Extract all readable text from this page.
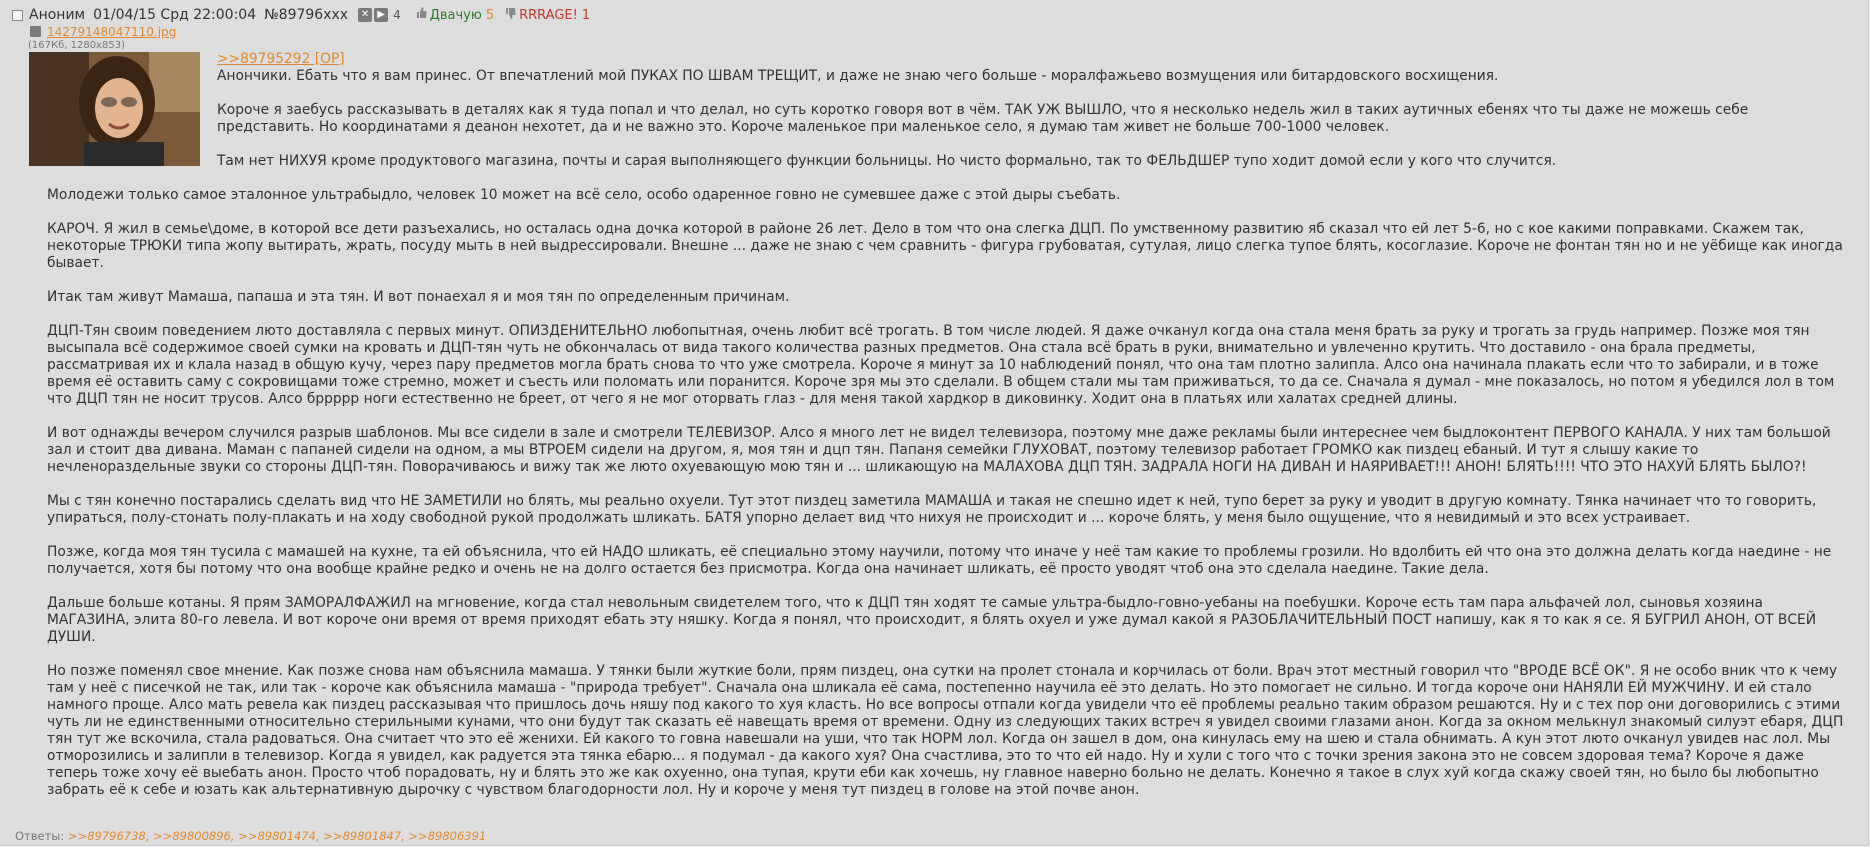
Аноним 01/04/15 Срд 22:00:04 №89796xxx ✕ ▶ 4 Двачую 5 RRRAGE! 1
14279148047110.jpg
(167Кб, 1280x853)
>>89795292 [OP]

Анончики. Ебать что я вам принес. От впечатлений мой ПУКАХ ПО ШВАМ ТРЕЩИТ, и даже не знаю чего больше - моралфажьево возмущения или битардовского восхищения.

Короче я заебусь рассказывать в деталях как я туда попал и что делал, но суть коротко говоря вот в чём. ТАК УЖ ВЫШЛО, что я несколько недель жил в таких аутичных ебенях что ты даже не можешь себе представить. Но координатами я деанон нехотет, да и не важно это. Короче маленькое при маленькое село, я думаю там живет не больше 700-1000 человек.

Там нет НИХУЯ кроме продуктового магазина, почты и сарая выполняющего функции больницы. Но чисто формально, так то ФЕЛЬДШЕР тупо ходит домой если у кого что случится.

Молодежи только самое эталонное ультрабыдло, человек 10 может на всё село, особо одаренное говно не сумевшее даже с этой дыры съебать.

КАРОЧ. Я жил в семье\доме, в которой все дети разъехались, но осталась одна дочка которой в районе 26 лет. Дело в том что она слегка ДЦП. По умственному развитию яб сказал что ей лет 5-6, но с кое какими поправками. Скажем так, некоторые ТРЮКИ типа жопу вытирать, жрать, посуду мыть в ней выдрессировали. Внешне ... даже не знаю с чем сравнить - фигура грубоватая, сутулая, лицо слегка тупое блять, косоглазие. Короче не фонтан тян но и не уёбище как иногда бывает.

Итак там живут Мамаша, папаша и эта тян. И вот понаехал я и моя тян по определенным причинам.

ДЦП-Тян своим поведением люто доставляла с первых минут. ОПИЗДЕНИТЕЛЬНО любопытная, очень любит всё трогать. В том числе людей. Я даже очканул когда она стала меня брать за руку и трогать за грудь например. Позже моя тян высыпала всё содержимое своей сумки на кровать и ДЦП-тян чуть не обкончалась от вида такого количества разных предметов. Она стала всё брать в руки, внимательно и увлеченно крутить. Что доставило - она брала предметы, рассматривая их и клала назад в общую кучу, через пару предметов могла брать снова то что уже смотрела. Короче я минут за 10 наблюдений понял, что она там плотно залипла. Алсо она начинала плакать если что то забирали, и в тоже время её оставить саму с сокровищами тоже стремно, может и съесть или поломать или поранится. Короче зря мы это сделали. В общем стали мы там приживаться, то да се. Сначала я думал - мне показалось, но потом я убедился лол в том что ДЦП тян не носит трусов. Алсо бррррр ноги естественно не бреет, от чего я не мог оторвать глаз - для меня такой хардкор в диковинку. Ходит она в платьях или халатах средней длины.

И вот однажды вечером случился разрыв шаблонов. Мы все сидели в зале и смотрели ТЕЛЕВИЗОР. Алсо я много лет не видел телевизора, поэтому мне даже рекламы были интереснее чем быдлоконтент ПЕРВОГО КАНАЛА. У них там большой зал и стоит два дивана. Маман с папаней сидели на одном, а мы ВТРОЕМ сидели на другом, я, моя тян и дцп тян. Папаня семейки ГЛУХОВАТ, поэтому телевизор работает ГРОМКО как пиздец ебаный. И тут я слышу какие то нечленораздельные звуки со стороны ДЦП-тян. Поворачиваюсь и вижу так же люто охуевающую мою тян и ... шликающую на МАЛАХОВА ДЦП ТЯН. ЗАДРАЛА НОГИ НА ДИВАН И НАЯРИВАЕТ!!! АНОН! БЛЯТЬ!!!! ЧТО ЭТО НАХУЙ БЛЯТЬ БЫЛО?!

Мы с тян конечно постарались сделать вид что НЕ ЗАМЕТИЛИ но блять, мы реально охуели. Тут этот пиздец заметила МАМАША и такая не спешно идет к ней, тупо берет за руку и уводит в другую комнату. Тянка начинает что то говорить, упираться, полу-стонать полу-плакать и на ходу свободной рукой продолжать шликать. БАТЯ упорно делает вид что нихуя не происходит и ... короче блять, у меня было ощущение, что я невидимый и это всех устраивает.

Позже, когда моя тян тусила с мамашей на кухне, та ей объяснила, что ей НАДО шликать, её специально этому научили, потому что иначе у неё там какие то проблемы грозили. Но вдолбить ей что она это должна делать когда наедине - не получается, хотя бы потому что она вообще крайне редко и очень не на долго остается без присмотра. Когда она начинает шликать, её просто уводят чтоб она это сделала наедине. Такие дела.

Дальше больше котаны. Я прям ЗАМОРАЛФАЖИЛ на мгновение, когда стал невольным свидетелем того, что к ДЦП тян ходят те самые ультра-быдло-говно-уебаны на поебушки. Короче есть там пара альфачей лол, сыновья хозяина МАГАЗИНА, элита 80-го левела. И вот короче они время от время приходят ебать эту няшку. Когда я понял, что происходит, я блять охуел и уже думал какой я РАЗОБЛАЧИТЕЛЬНЫЙ ПОСТ напишу, как я то как я се. Я БУГРИЛ АНОН, ОТ ВСЕЙ ДУШИ.

Но позже поменял свое мнение. Как позже снова нам объяснила мамаша. У тянки были жуткие боли, прям пиздец, она сутки на пролет стонала и корчилась от боли. Врач этот местный говорил что "ВРОДЕ ВСЁ ОК". Я не особо вник что к чему там у неё с писечкой не так, или так - короче как объяснила мамаша - "природа требует". Сначала она шликала её сама, постепенно научила её это делать. Но это помогает не сильно. И тогда короче они НАНЯЛИ ЕЙ МУЖЧИНУ. И ей стало намного проще. Алсо мать ревела как пиздец рассказывая что пришлось дочь няшу под какого то хуя класть. Но все вопросы отпали когда увидели что её проблемы реально таким образом решаются. Ну и с тех пор они договорились с этими чуть ли не единственными относительно стерильными кунами, что они будут так сказать её навещать время от времени. Одну из следующих таких встреч я увидел своими глазами анон. Когда за окном мелькнул знакомый силуэт ебаря, ДЦП тян тут же вскочила, стала радоваться. Она считает что это её женихи. Ей какого то говна навешали на уши, что так НОРМ лол. Когда он зашел в дом, она кинулась ему на шею и стала обнимать. А кун этот люто очканул увидев нас лол. Мы отморозились и залипли в телевизор. Когда я увидел, как радуется эта тянка ебарю... я подумал - да какого хуя? Она счастлива, это то что ей надо. Ну и хули с того что с точки зрения закона это не совсем здоровая тема? Короче я даже теперь тоже хочу её выебать анон. Просто чтоб порадовать, ну и блять это же как охуенно, она тупая, крути еби как хочешь, ну главное наверно больно не делать. Конечно я такое в слух хуй когда скажу своей тян, но было бы любопытно забрать её к себе и юзать как альтернативную дырочку с чувством благодорности лол. Ну и короче у меня тут пиздец в голове на этой почве анон.

Ответы: >>89796738, >>89800896, >>89801474, >>89801847, >>89806391
